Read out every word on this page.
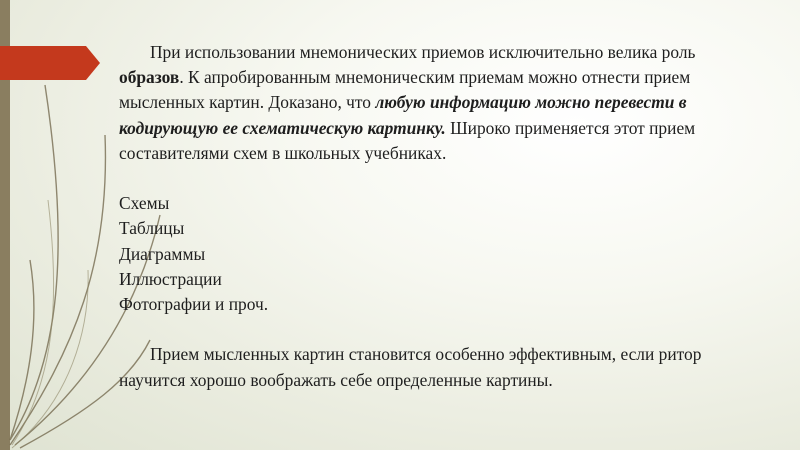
При использовании мнемонических приемов исключительно велика роль образов. К апробированным мнемоническим приемам можно отнести прием мысленных картин. Доказано, что любую информацию можно перевести в кодирующую ее схематическую картинку. Широко применяется этот прием составителями схем в школьных учебниках.

Схемы
Таблицы
Диаграммы
Иллюстрации
Фотографии и проч.

Прием мысленных картин становится особенно эффективным, если ритор научится хорошо воображать себе определенные картины.
